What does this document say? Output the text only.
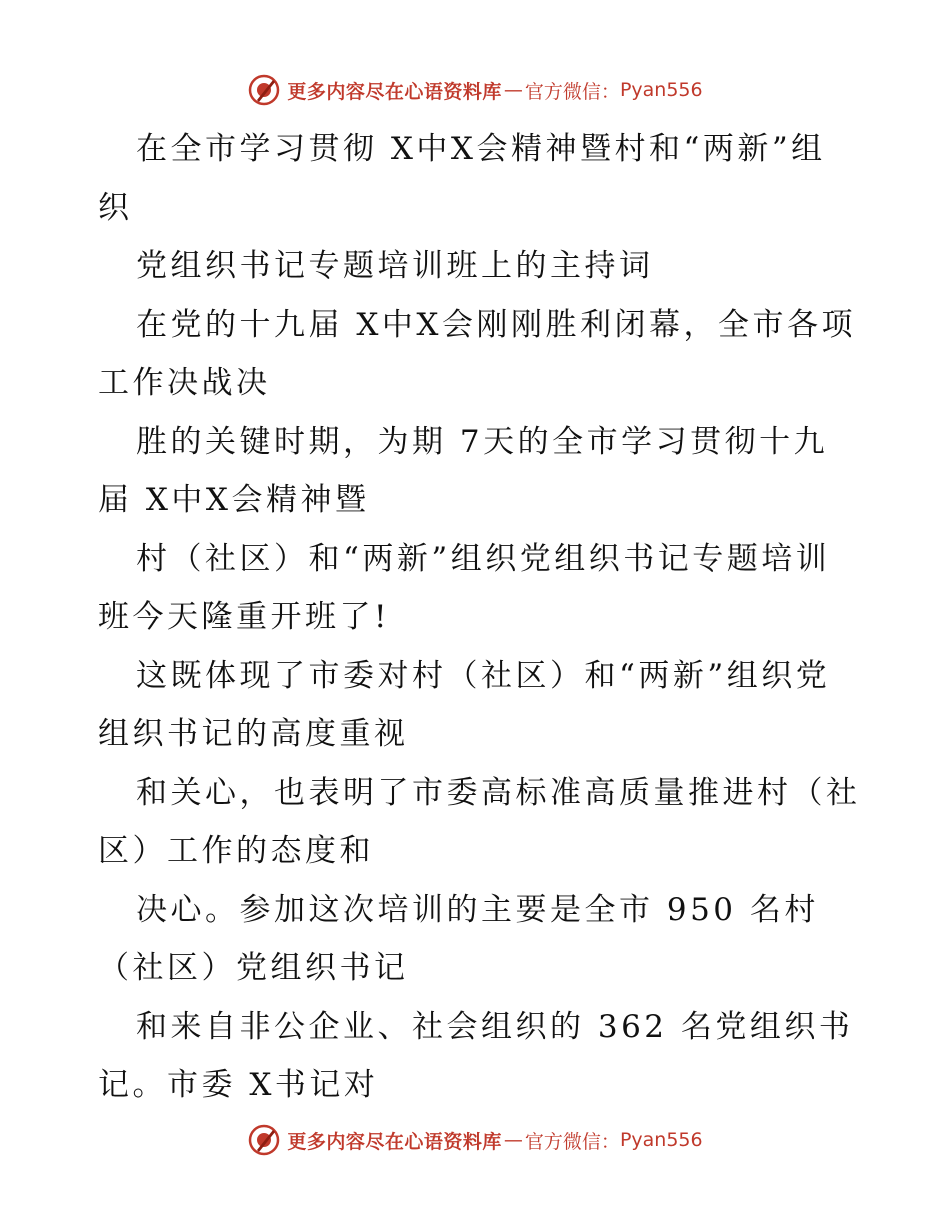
更多内容尽在心语资料库 — 官方微信： Pyan556
在全市学习贯彻 X中X会精神暨村和“两新”组
织
党组织书记专题培训班上的主持词
在党的十九届 X中X会刚刚胜利闭幕，全市各项
工作决战决
胜的关键时期，为期 7天的全市学习贯彻十九
届 X中X会精神暨
村（社区）和“两新”组织党组织书记专题培训
班今天隆重开班了!
这既体现了市委对村（社区）和“两新”组织党
组织书记的高度重视
和关心，也表明了市委高标准高质量推进村（社
区）工作的态度和
决心。参加这次培训的主要是全市 950 名村
（社区）党组织书记
和来自非公企业、社会组织的 362 名党组织书
记。市委 X书记对
更多内容尽在心语资料库 — 官方微信： Pyan556
